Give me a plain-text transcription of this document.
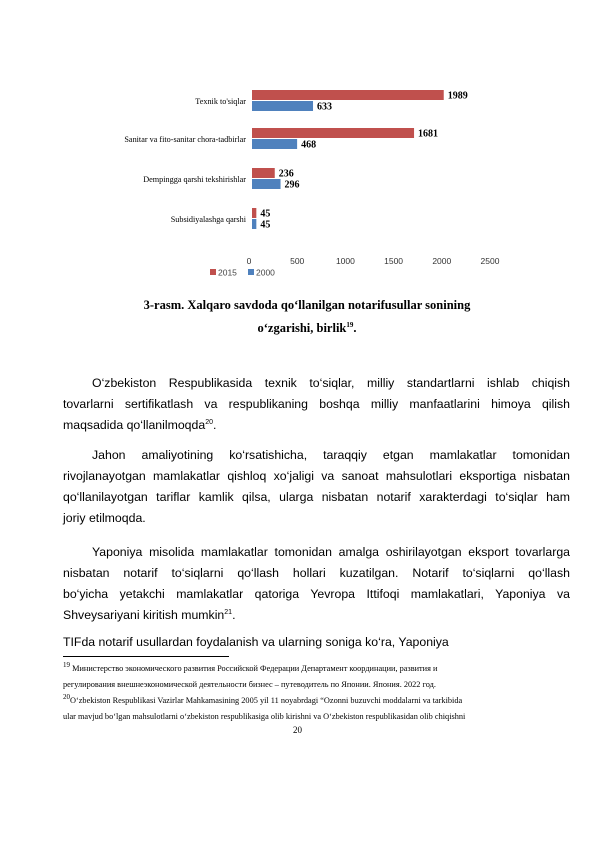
Texnik to'siqlar
Sanitar va fito-sanitar chora-tadbirlar
Dempingga qarshi tekshirishlar
Subsidiyalashga qarshi
1989
633
1681
468
236
296
45
45
0	500	1000	1500	2000	2500
2015 2000
3-rasm. Xalqaro savdoda qo‘llanilgan notarifusullar sonining
o‘zgarishi, birlik$^{19}$.
O‘zbekiston Respublikasida texnik to‘siqlar, milliy standartlarni ishlab chiqish
tovarlarni sertifikatlash va respublikaning boshqa milliy manfaatlarini himoya qilish
maqsadida qo‘llanilmoqda$^{20}$.
Jahon amaliyotining ko‘rsatishicha, taraqqiy etgan mamlakatlar tomonidan
rivojlanayotgan mamlakatlar qishloq xo‘jaligi va sanoat mahsulotlari eksportiga nisbatan
qo‘llanilayotgan tariflar kamlik qilsa, ularga nisbatan notarif xarakterdagi to‘siqlar ham
joriy etilmoqda.
Yaponiya misolida mamlakatlar tomonidan amalga oshirilayotgan eksport tovarlarga
nisbatan notarif to‘siqlarni qo‘llash hollari kuzatilgan. Notarif to‘siqlarni qo‘llash
bo‘yicha yetakchi mamlakatlar qatoriga Yevropa Ittifoqi mamlakatlari, Yaponiya va
Shveysariyani kiritish mumkin$^{21}$.
TIFda notarif usullardan foydalanish va ularning soniga ko‘ra, Yaponiya
$^{19}$ Министерство экономического развития Российской Федерации Департамент координации, развития и
регулирования внешнеэкономической деятельности бизнес – путеводитель по Японии. Япония. 2022 год.
$^{20}$O‘zbekiston Respublikasi Vazirlar Mahkamasining 2005 yil 11 noyabrdagi “Ozonni buzuvchi moddalarni va tarkibida
ular mavjud bo‘lgan mahsulotlarni o‘zbekiston respublikasiga olib kirishni va O‘zbekiston respublikasidan olib chiqishni
20
